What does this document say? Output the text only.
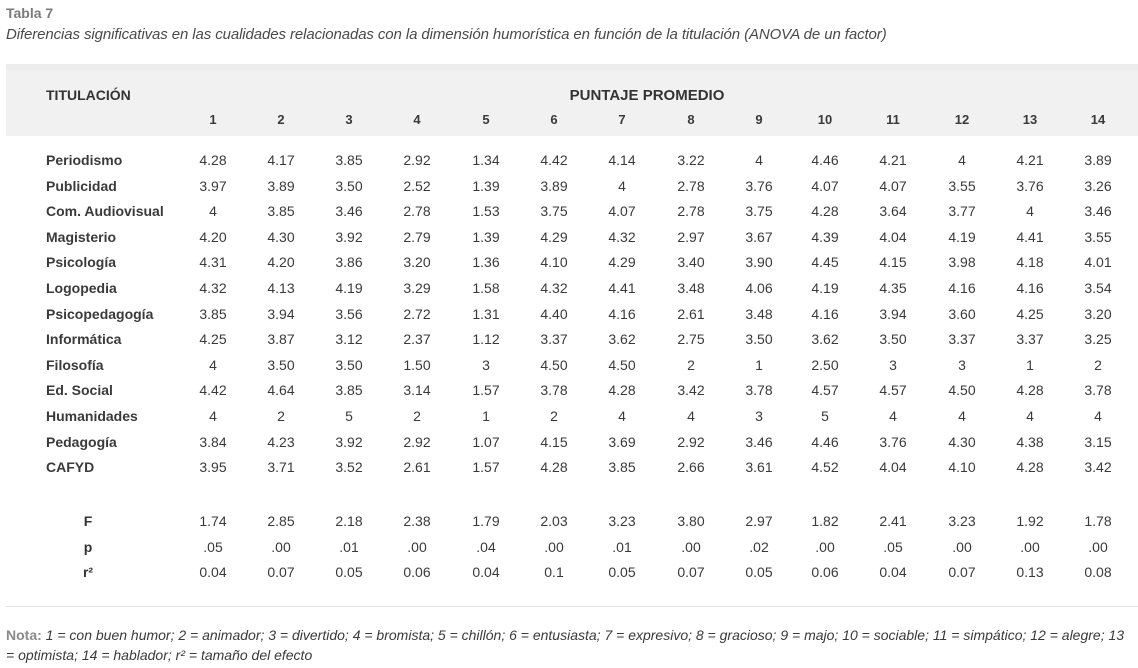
Tabla 7
Diferencias significativas en las cualidades relacionadas con la dimensión humorística en función de la titulación (ANOVA de un factor)
TITULACIÓN	PUNTAJE PROMEDIO
1	2	3	4	5	6	7	8	9	10	11	12	13	14
Periodismo	4.28	4.17	3.85	2.92	1.34	4.42	4.14	3.22	4	4.46	4.21	4	4.21	3.89
Publicidad	3.97	3.89	3.50	2.52	1.39	3.89	4	2.78	3.76	4.07	4.07	3.55	3.76	3.26
Com. Audiovisual	4	3.85	3.46	2.78	1.53	3.75	4.07	2.78	3.75	4.28	3.64	3.77	4	3.46
Magisterio	4.20	4.30	3.92	2.79	1.39	4.29	4.32	2.97	3.67	4.39	4.04	4.19	4.41	3.55
Psicología	4.31	4.20	3.86	3.20	1.36	4.10	4.29	3.40	3.90	4.45	4.15	3.98	4.18	4.01
Logopedia	4.32	4.13	4.19	3.29	1.58	4.32	4.41	3.48	4.06	4.19	4.35	4.16	4.16	3.54
Psicopedagogía	3.85	3.94	3.56	2.72	1.31	4.40	4.16	2.61	3.48	4.16	3.94	3.60	4.25	3.20
Informática	4.25	3.87	3.12	2.37	1.12	3.37	3.62	2.75	3.50	3.62	3.50	3.37	3.37	3.25
Filosofía	4	3.50	3.50	1.50	3	4.50	4.50	2	1	2.50	3	3	1	2
Ed. Social	4.42	4.64	3.85	3.14	1.57	3.78	4.28	3.42	3.78	4.57	4.57	4.50	4.28	3.78
Humanidades	4	2	5	2	1	2	4	4	3	5	4	4	4	4
Pedagogía	3.84	4.23	3.92	2.92	1.07	4.15	3.69	2.92	3.46	4.46	3.76	4.30	4.38	3.15
CAFYD	3.95	3.71	3.52	2.61	1.57	4.28	3.85	2.66	3.61	4.52	4.04	4.10	4.28	3.42
F	1.74	2.85	2.18	2.38	1.79	2.03	3.23	3.80	2.97	1.82	2.41	3.23	1.92	1.78
p	.05	.00	.01	.00	.04	.00	.01	.00	.02	.00	.05	.00	.00	.00
r²	0.04	0.07	0.05	0.06	0.04	0.1	0.05	0.07	0.05	0.06	0.04	0.07	0.13	0.08
Nota: 1 = con buen humor; 2 = animador; 3 = divertido; 4 = bromista; 5 = chillón; 6 = entusiasta; 7 = expresivo; 8 = gracioso; 9 = majo; 10 = sociable; 11 = simpático; 12 = alegre; 13 = optimista; 14 = hablador; r² = tamaño del efecto
